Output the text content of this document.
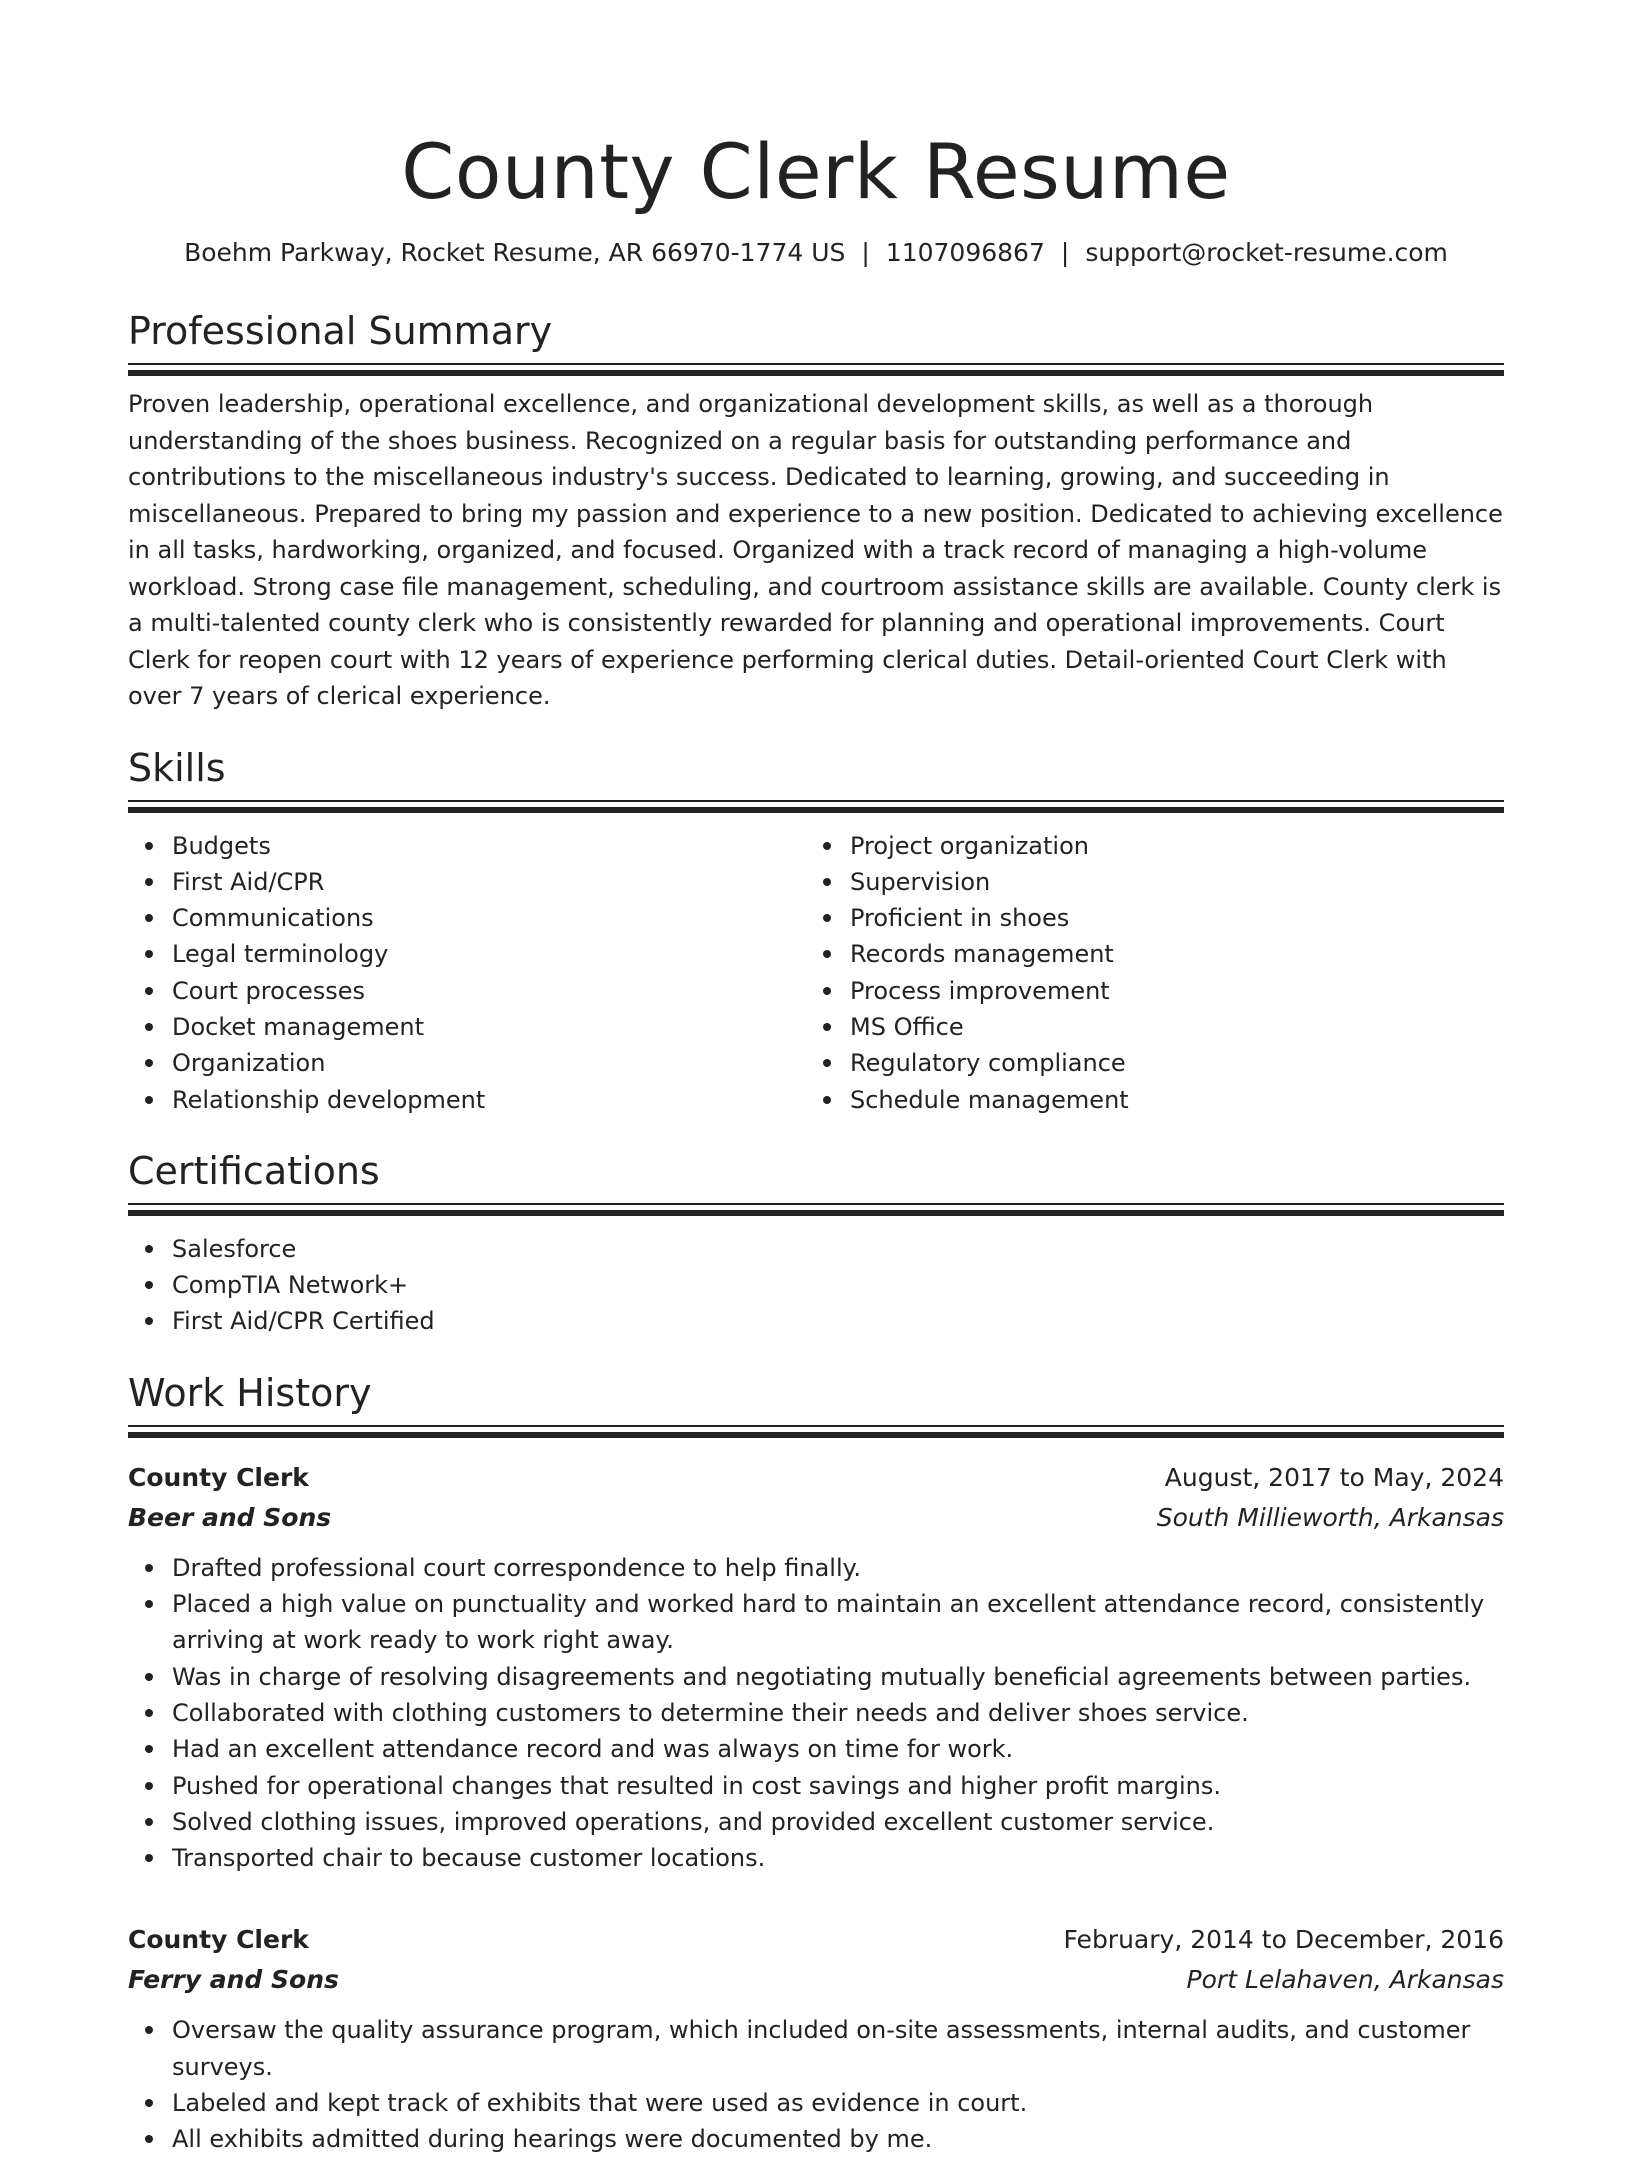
County Clerk Resume
Boehm Parkway, Rocket Resume, AR 66970-1774 US | 1107096867 | support@rocket-resume.com
Professional Summary

Proven leadership, operational excellence, and organizational development skills, as well as a thorough understanding of the shoes business. Recognized on a regular basis for outstanding performance and contributions to the miscellaneous industry's success. Dedicated to learning, growing, and succeeding in miscellaneous. Prepared to bring my passion and experience to a new position. Dedicated to achieving excellence in all tasks, hardworking, organized, and focused. Organized with a track record of managing a high-volume workload. Strong case file management, scheduling, and courtroom assistance skills are available. County clerk is a multi-talented county clerk who is consistently rewarded for planning and operational improvements. Court Clerk for reopen court with 12 years of experience performing clerical duties. Detail-oriented Court Clerk with over 7 years of clerical experience.

Skills
Budgets
First Aid/CPR
Communications
Legal terminology
Court processes
Docket management
Organization
Relationship development
Project organization
Supervision
Proficient in shoes
Records management
Process improvement
MS Office
Regulatory compliance
Schedule management
Certifications
Salesforce
CompTIA Network+
First Aid/CPR Certified
Work History
County Clerk	August, 2017 to May, 2024
Beer and Sons	South Millieworth, Arkansas
Drafted professional court correspondence to help finally.
Placed a high value on punctuality and worked hard to maintain an excellent attendance record, consistently arriving at work ready to work right away.
Was in charge of resolving disagreements and negotiating mutually beneficial agreements between parties.
Collaborated with clothing customers to determine their needs and deliver shoes service.
Had an excellent attendance record and was always on time for work.
Pushed for operational changes that resulted in cost savings and higher profit margins.
Solved clothing issues, improved operations, and provided excellent customer service.
Transported chair to because customer locations.
County Clerk	February, 2014 to December, 2016
Ferry and Sons	Port Lelahaven, Arkansas
Oversaw the quality assurance program, which included on-site assessments, internal audits, and customer surveys.
Labeled and kept track of exhibits that were used as evidence in court.
All exhibits admitted during hearings were documented by me.
